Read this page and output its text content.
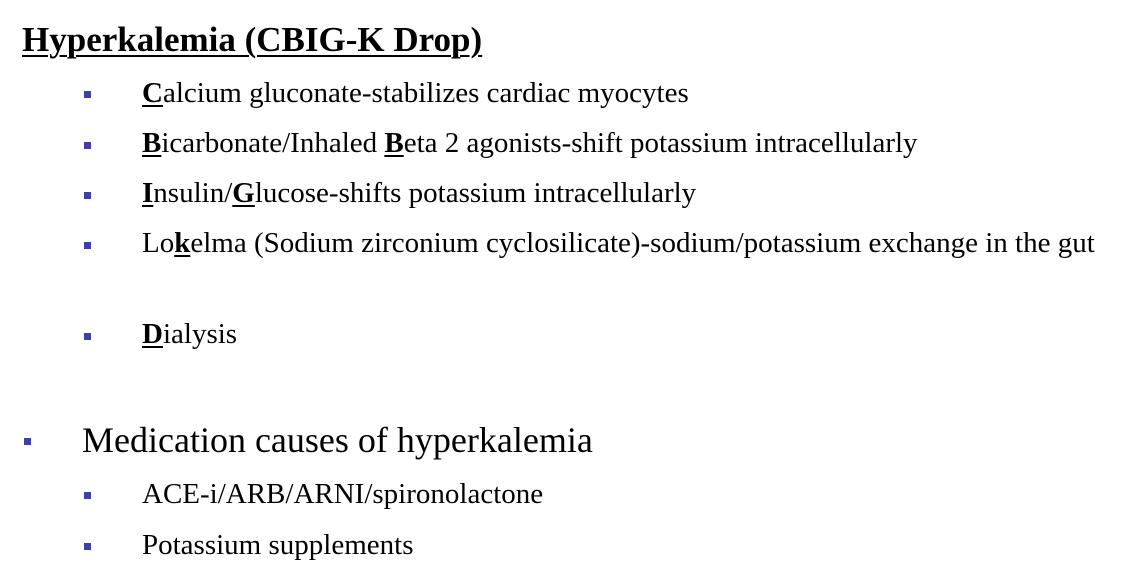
Hyperkalemia (CBIG-K Drop)
Calcium gluconate-stabilizes cardiac myocytes
Bicarbonate/Inhaled Beta 2 agonists-shift potassium intracellularly
Insulin/Glucose-shifts potassium intracellularly
Lokelma (Sodium zirconium cyclosilicate)-sodium/potassium exchange in the gut
Dialysis
Medication causes of hyperkalemia
ACE-i/ARB/ARNI/spironolactone
Potassium supplements
